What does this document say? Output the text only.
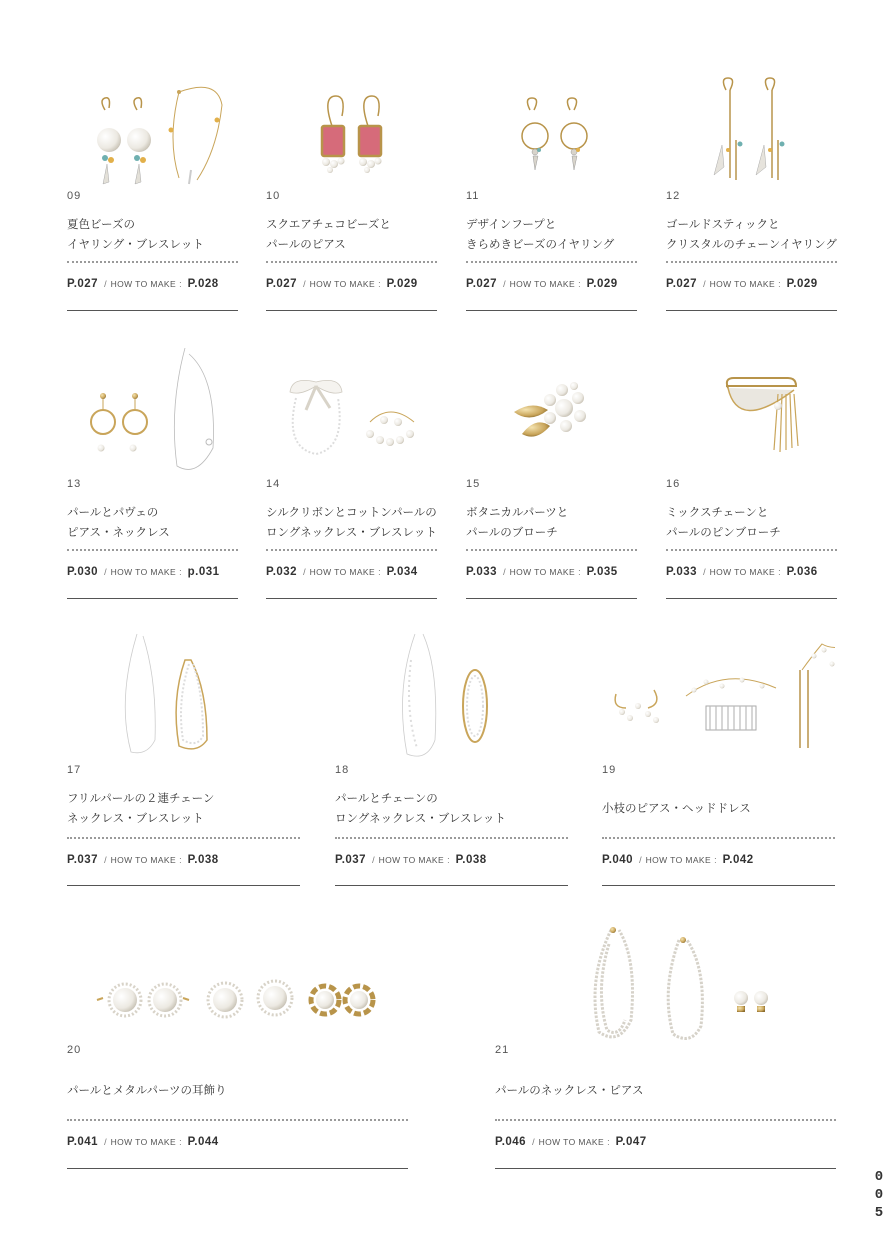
09
夏色ビーズの
イヤリング・ブレスレット
P.027 / HOW TO MAKE : P.028
10
スクエアチェコビーズと
パールのピアス
P.027 / HOW TO MAKE : P.029
11
デザインフープと
きらめきビーズのイヤリング
P.027 / HOW TO MAKE : P.029
12
ゴールドスティックと
クリスタルのチェーンイヤリング
P.027 / HOW TO MAKE : P.029
13
パールとパヴェの
ピアス・ネックレス
P.030 / HOW TO MAKE : p.031
14
シルクリボンとコットンパールの
ロングネックレス・ブレスレット
P.032 / HOW TO MAKE : P.034
15
ボタニカルパーツと
パールのブローチ
P.033 / HOW TO MAKE : P.035
16
ミックスチェーンと
パールのピンブローチ
P.033 / HOW TO MAKE : P.036
17
フリルパールの２連チェーン
ネックレス・ブレスレット
P.037 / HOW TO MAKE : P.038
18
パールとチェーンの
ロングネックレス・ブレスレット
P.037 / HOW TO MAKE : P.038
19
小枝のピアス・ヘッドドレス
P.040 / HOW TO MAKE : P.042
20
パールとメタルパーツの耳飾り
P.041 / HOW TO MAKE : P.044
21
パールのネックレス・ピアス
P.046 / HOW TO MAKE : P.047
0
0
5
